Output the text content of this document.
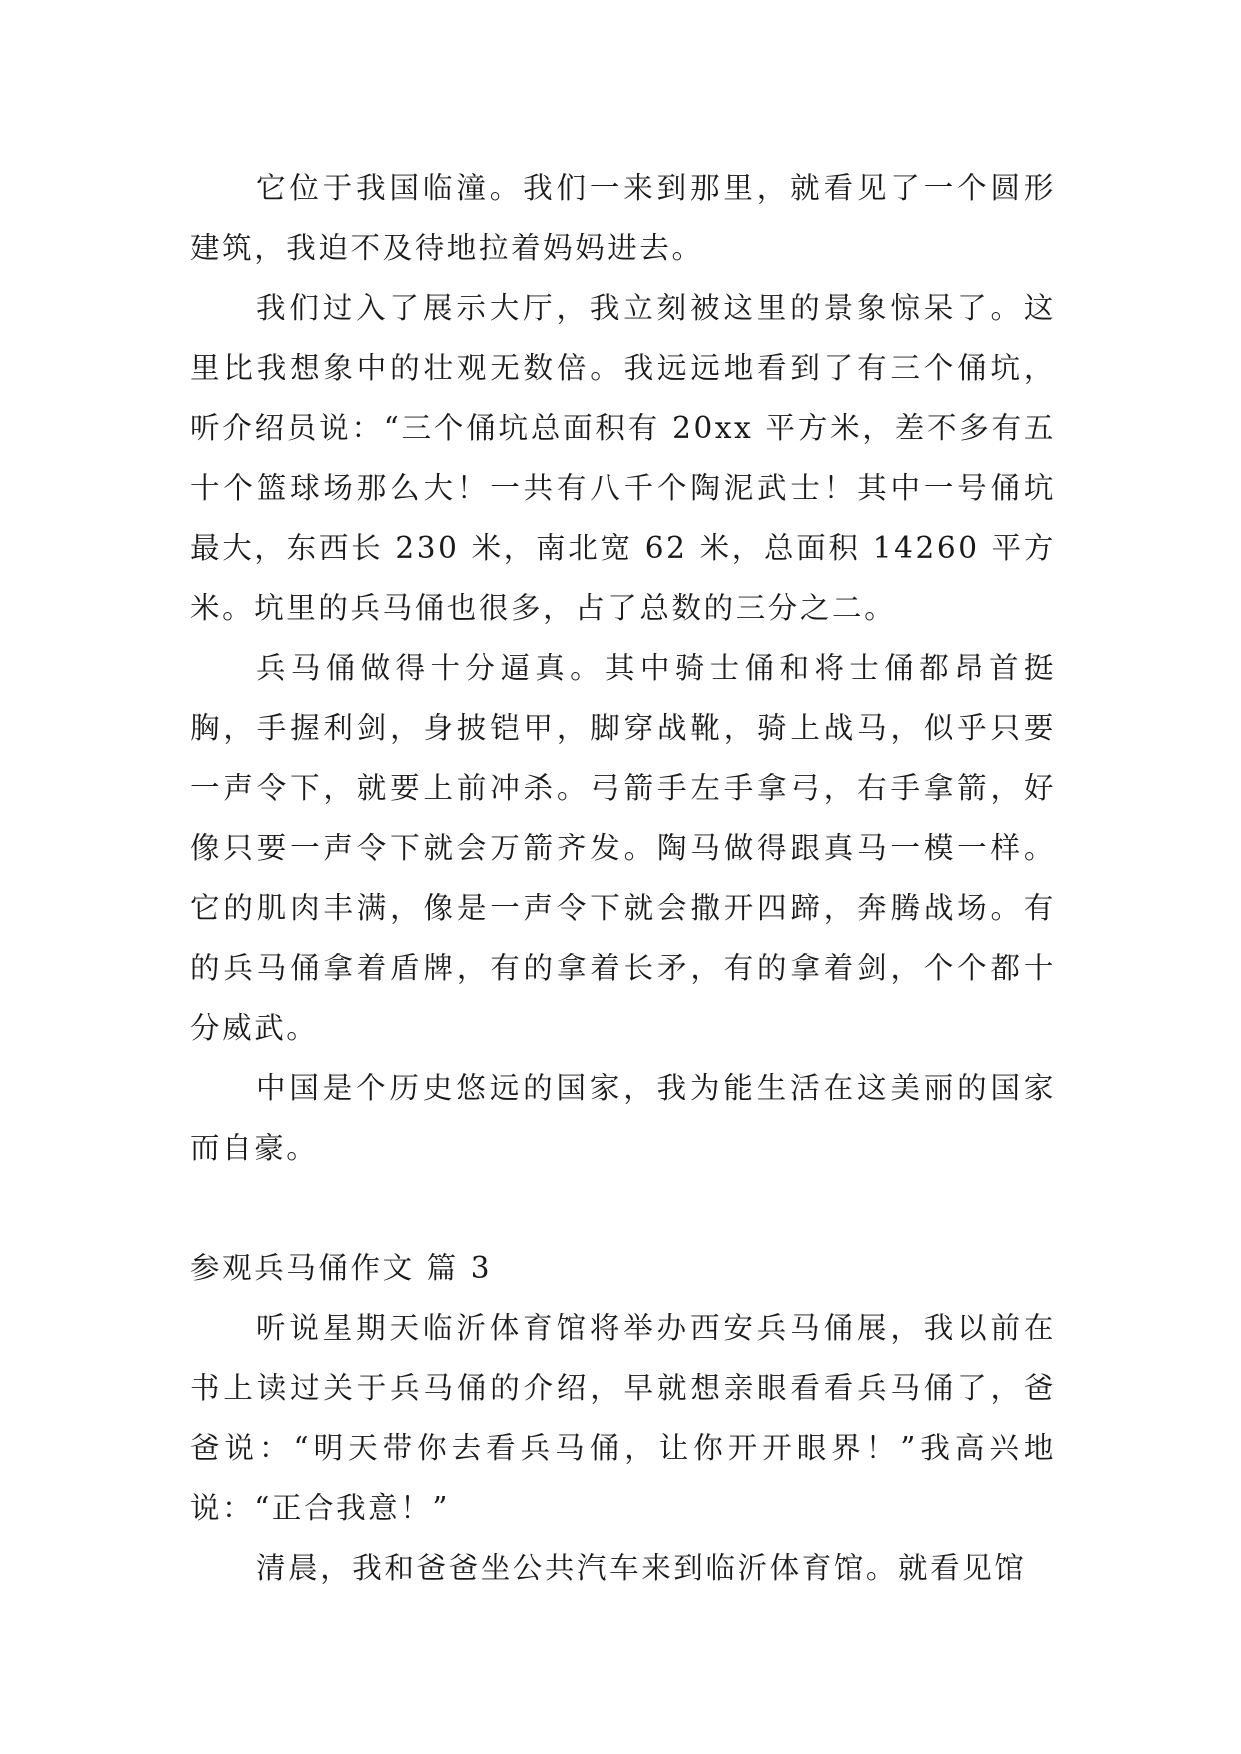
它位于我国临潼。我们一来到那里，就看见了一个圆形建筑，我迫不及待地拉着妈妈进去。

我们过入了展示大厅，我立刻被这里的景象惊呆了。这里比我想象中的壮观无数倍。我远远地看到了有三个俑坑，听介绍员说：“三个俑坑总面积有 20xx 平方米，差不多有五十个篮球场那么大！一共有八千个陶泥武士！其中一号俑坑最大，东西长 230 米，南北宽 62 米，总面积 14260 平方米。坑里的兵马俑也很多，占了总数的三分之二。

兵马俑做得十分逼真。其中骑士俑和将士俑都昂首挺胸，手握利剑，身披铠甲，脚穿战靴，骑上战马，似乎只要一声令下，就要上前冲杀。弓箭手左手拿弓，右手拿箭，好像只要一声令下就会万箭齐发。陶马做得跟真马一模一样。它的肌肉丰满，像是一声令下就会撒开四蹄，奔腾战场。有的兵马俑拿着盾牌，有的拿着长矛，有的拿着剑，个个都十分威武。

中国是个历史悠远的国家，我为能生活在这美丽的国家而自豪。

参观兵马俑作文 篇 3

听说星期天临沂体育馆将举办西安兵马俑展，我以前在书上读过关于兵马俑的介绍，早就想亲眼看看兵马俑了，爸爸说：“明天带你去看兵马俑，让你开开眼界！”我高兴地说：“正合我意！”

清晨，我和爸爸坐公共汽车来到临沂体育馆。就看见馆
